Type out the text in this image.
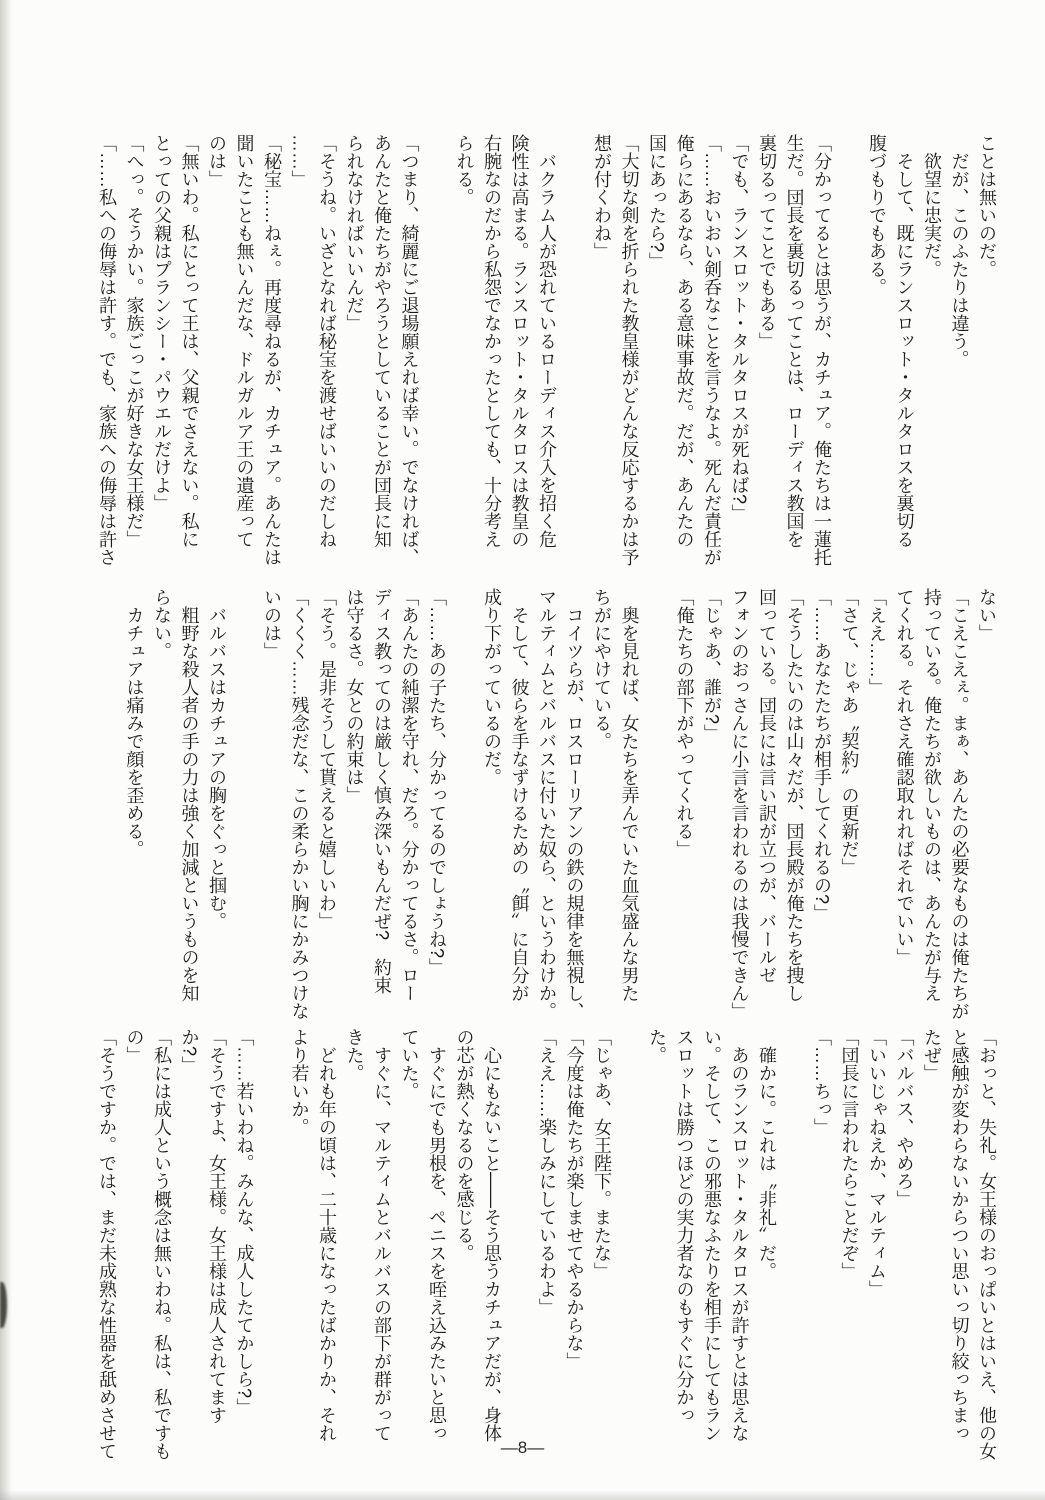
ことは無いのだ。
　だが、このふたりは違う。
　欲望に忠実だ。
　そして、既にランスロット・タルタロスを裏切る
腹づもりでもある。
「分かってるとは思うが、カチュア。俺たちは一蓮托
生だ。団長を裏切るってことは、ローディス教国を
裏切るってことでもある」
「でも、ランスロット・タルタロスが死ねば?」
「……おいおい剣呑なことを言うなよ。死んだ責任が
俺らにあるなら、ある意味事故だ。だが、あんたの
国にあったら?」
「大切な剣を折られた教皇様がどんな反応するかは予
想が付くわね」
　バクラム人が恐れているローディス介入を招く危
険性は高まる。ランスロット・タルタロスは教皇の
右腕なのだから私怨でなかったとしても、十分考え
られる。
「つまり、綺麗にご退場願えれば幸い。でなければ、
あんたと俺たちがやろうとしていることが団長に知
られなければいいんだ」
「そうね。いざとなれば秘宝を渡せばいいのだしね
……」
「秘宝……ねぇ。再度尋ねるが、カチュア。あんたは
聞いたことも無いんだな、ドルガルア王の遺産って
のは」
「無いわ。私にとって王は、父親でさえない。私に
とっての父親はプランシー・パウエルだけよ」
「へっ。そうかい。家族ごっこが好きな女王様だ」
「……私への侮辱は許す。でも、家族への侮辱は許さ
ない」
「こえこえぇ。まぁ、あんたの必要なものは俺たちが
持っている。俺たちが欲しいものは、あんたが与え
てくれる。それさえ確認取れればそれでいい」
「ええ……」
「さて、じゃあ〝契約〟の更新だ」
「……あなたたちが相手してくれるの?」
「そうしたいのは山々だが、団長殿が俺たちを捜し
回っている。団長には言い訳が立つが、バールゼ
フォンのおっさんに小言を言われるのは我慢できん」
「じゃあ、誰が?」
「俺たちの部下がやってくれる」
　奥を見れば、女たちを弄んでいた血気盛んな男た
ちがにやけている。
　コイツらが、ロスローリアンの鉄の規律を無視し、
マルティムとバルバスに付いた奴ら、というわけか。
　そして、彼らを手なずけるための〝餌〟に自分が
成り下がっているのだ。
「……あの子たち、分かってるのでしょうね?」
「あんたの純潔を守れ、だろ。分かってるさ。ロー
ディス教ってのは厳しく慎み深いもんだぜ?　約束
は守るさ。女との約束は」
「そう。是非そうして貰えると嬉しいわ」
「くくく……残念だな、この柔らかい胸にかみつけな
いのは」
　バルバスはカチュアの胸をぐっと掴む。
　粗野な殺人者の手の力は強く加減というものを知
らない。
　カチュアは痛みで顔を歪める。
「おっと、失礼。女王様のおっぱいとはいえ、他の女
と感触が変わらないからつい思いっ切り絞っちまっ
たぜ」
「バルバス、やめろ」
「いいじゃねえか、マルティム」
「団長に言われたらことだぞ」
「……ちっ」
　確かに。これは〝非礼〟だ。
　あのランスロット・タルタロスが許すとは思えな
い。そして、この邪悪なふたりを相手にしてもラン
スロットは勝つほどの実力者なのもすぐに分かっ
た。
「じゃあ、女王陛下。またな」
「今度は俺たちが楽しませてやるからな」
「ええ……楽しみにしているわよ」
　心にもないこと――そう思うカチュアだが、身体
の芯が熱くなるのを感じる。
　すぐにでも男根を、ペニスを咥え込みたいと思っ
ていた。
　すぐに、マルティムとバルバスの部下が群がって
きた。
　どれも年の頃は、二十歳になったばかりか、それ
より若いか。
「……若いわね。みんな、成人したてかしら?」
「そうですよ、女王様。女王様は成人されてます
か?」
「私には成人という概念は無いわね。私は、私ですも
の」
「そうですか。では、まだ未成熟な性器を舐めさせて	―8―
